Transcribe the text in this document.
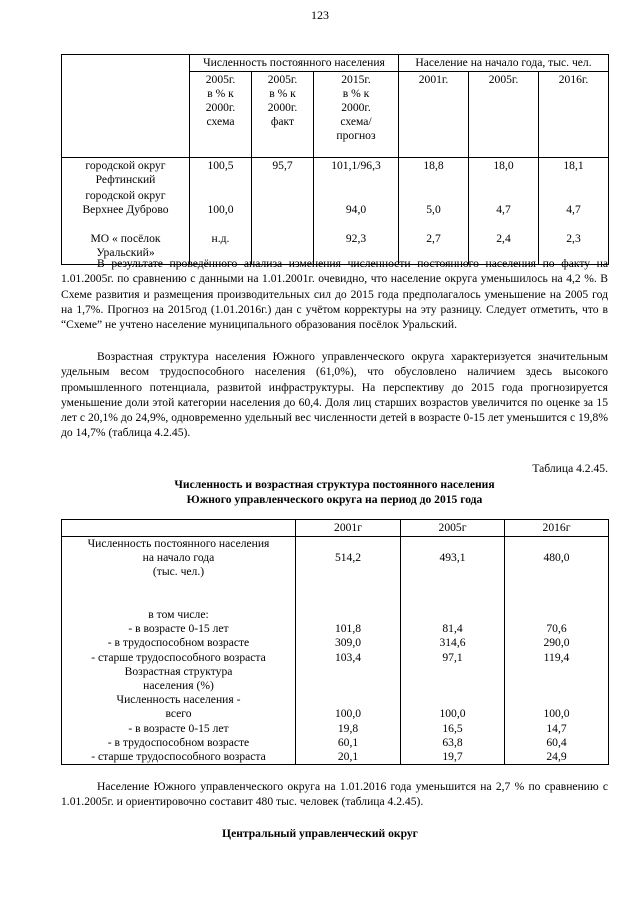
123
	Численность постоянного населения			Население на начало года, тыс. чел.		
	2005г.
в % к
2000г.
схема	2005г.
в % к
2000г.
факт	2015г.
в % к
2000г.
схема/
прогноз	2001г.	2005г.	2016г.
городской округ
Рефтинский	100,5	95,7	101,1/96,3	18,8	18,0	18,1
городской округ
Верхнее Дуброво	100,0		94,0	5,0	4,7	4,7
МО « посёлок
Уральский»	н.д.		92,3	2,7	2,4	2,3

В результате проведённого анализа изменения численности постоянного населения по факту на 1.01.2005г. по сравнению с данными на 1.01.2001г. очевидно, что население округа уменьшилось на 4,2 %. В Схеме развития и размещения производительных сил до 2015 года предполагалось уменьшение на 2005 год на 1,7%. Прогноз на 2015год (1.01.2016г.) дан с учётом корректуры на эту разницу. Следует отметить, что в “Схеме” не учтено население муниципального образования посёлок Уральский.

Возрастная структура населения Южного управленческого округа характеризуется значительным удельным весом трудоспособного населения (61,0%), что обусловлено наличием здесь высокого промышленного потенциала, развитой инфраструктуры. На перспективу до 2015 года прогнозируется уменьшение доли этой категории населения до 60,4. Доля лиц старших возрастов увеличится по оценке за 15 лет с 20,1% до 24,9%, одновременно удельный вес численности детей в возрасте 0-15 лет уменьшится с 19,8% до 14,7% (таблица 4.2.45).

Таблица 4.2.45.
Численность и возрастная структура постоянного населения
Южного управленческого округа на период до 2015 года
	2001г	2005г	2016г
Численность постоянного населения			
на начало года	514,2	493,1	480,0
(тыс. чел.)			

в том числе:			
- в возрасте 0-15 лет	101,8	81,4	70,6
- в трудоспособном возрасте	309,0	314,6	290,0
- старше трудоспособного возраста	103,4	97,1	119,4
Возрастная структура			
населения (%)			
Численность населения -			
всего	100,0	100,0	100,0
- в возрасте 0-15 лет	19,8	16,5	14,7
- в трудоспособном возрасте	60,1	63,8	60,4
- старше трудоспособного возраста	20,1	19,7	24,9

Население Южного управленческого округа на 1.01.2016 года уменьшится на 2,7 % по сравнению с 1.01.2005г. и ориентировочно составит 480 тыс. человек (таблица 4.2.45).

Центральный управленческий округ
